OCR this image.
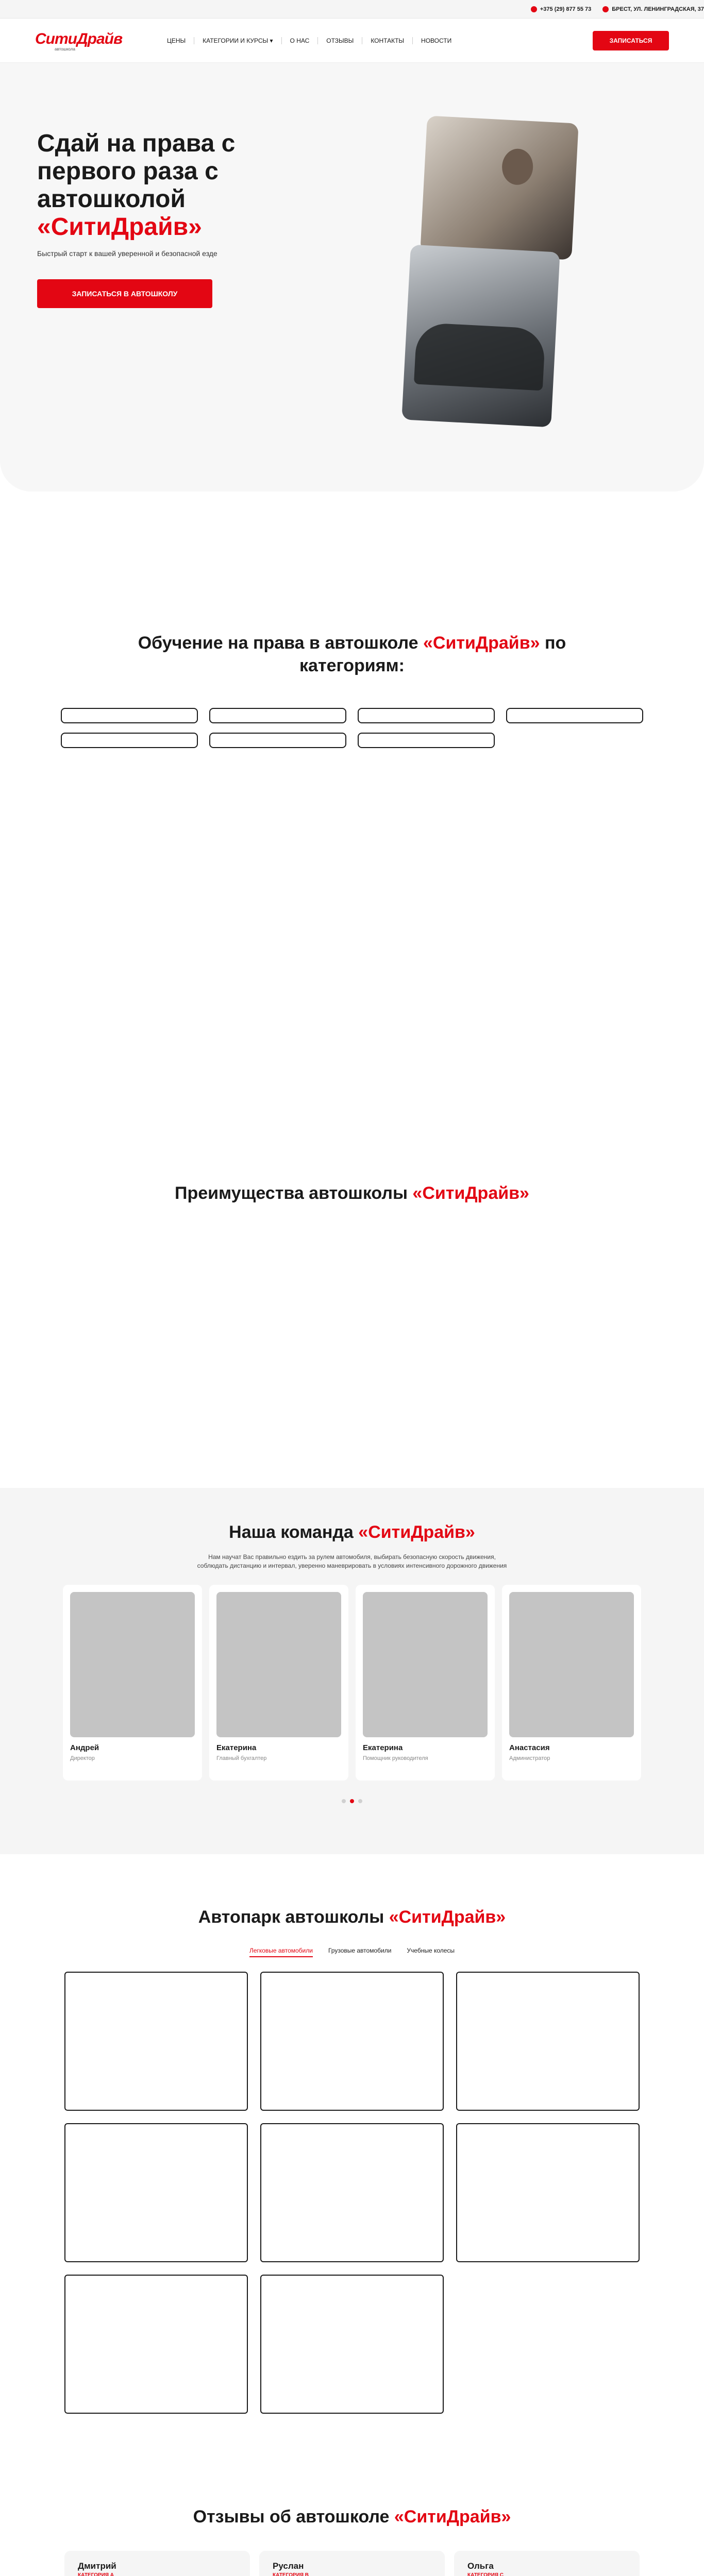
+375 (29) 877 55 73	БРЕСТ, УЛ. ЛЕНИНГРАДСКАЯ, 37
СитиДрайв
автошкола
ЦЕНЫ	КАТЕГОРИИ И КУРСЫ ▾	О НАС	ОТЗЫВЫ	КОНТАКТЫ	НОВОСТИ	ЗАПИСАТЬСЯ
Сдай на права с первого раза с автошколой «СитиДрайв»

Быстрый старт к вашей уверенной и безопасной езде

ЗАПИСАТЬСЯ В АВТОШКОЛУ
Обучение на права в автошколе «СитиДрайв» по категориям:
Преимущества автошколы «СитиДрайв»
Наша команда «СитиДрайв»

Нам научат Вас правильно ездить за рулем автомобиля, выбирать безопасную скорость движения,
соблюдать дистанцию и интервал, уверенно маневрировать в условиях интенсивного дорожного движения

Андрей
Директор
Екатерина
Главный бухгалтер
Екатерина
Помощник руководителя
Анастасия
Администратор
Автопарк автошколы «СитиДрайв»
Легковые автомобили	Грузовые автомобили	Учебные колесы
Отзывы об автошколе «СитиДрайв»
Дмитрий
КАТЕГОРИЯ А

Руслан
КАТЕГОРИЯ В

Ольга
КАТЕГОРИЯ С
